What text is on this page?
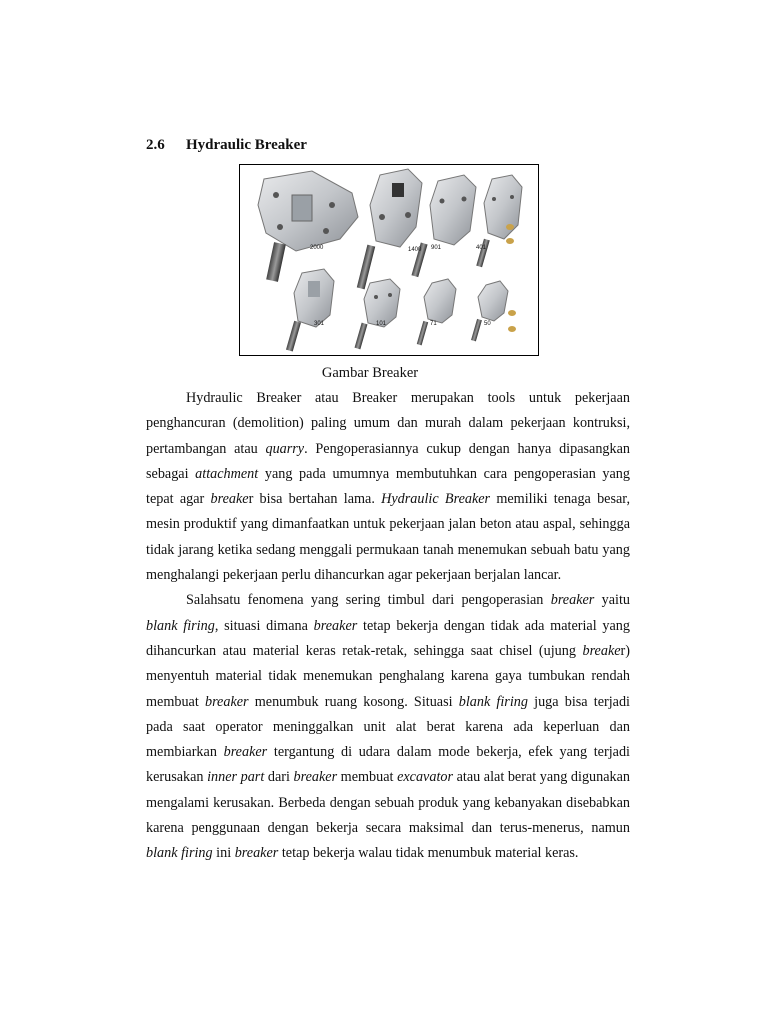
2.6 Hydraulic Breaker
2000	1400 901	401
301	101	71	50
Gambar Breaker

Hydraulic Breaker atau Breaker merupakan tools untuk pekerjaan penghancuran (demolition) paling umum dan murah dalam pekerjaan kontruksi, pertambangan atau quarry. Pengoperasiannya cukup dengan hanya dipasangkan sebagai attachment yang pada umumnya membutuhkan cara pengoperasian yang tepat agar breaker bisa bertahan lama. Hydraulic Breaker memiliki tenaga besar, mesin produktif yang dimanfaatkan untuk pekerjaan jalan beton atau aspal, sehingga tidak jarang ketika sedang menggali permukaan tanah menemukan sebuah batu yang menghalangi pekerjaan perlu dihancurkan agar pekerjaan berjalan lancar.

Salahsatu fenomena yang sering timbul dari pengoperasian breaker yaitu blank firing, situasi dimana breaker tetap bekerja dengan tidak ada material yang dihancurkan atau material keras retak-retak, sehingga saat chisel (ujung breaker) menyentuh material tidak menemukan penghalang karena gaya tumbukan rendah membuat breaker menumbuk ruang kosong. Situasi blank firing juga bisa terjadi pada saat operator meninggalkan unit alat berat karena ada keperluan dan membiarkan breaker tergantung di udara dalam mode bekerja, efek yang terjadi kerusakan inner part dari breaker membuat excavator atau alat berat yang digunakan mengalami kerusakan. Berbeda dengan sebuah produk yang kebanyakan disebabkan karena penggunaan dengan bekerja secara maksimal dan terus-menerus, namun blank firing ini breaker tetap bekerja walau tidak menumbuk material keras.
